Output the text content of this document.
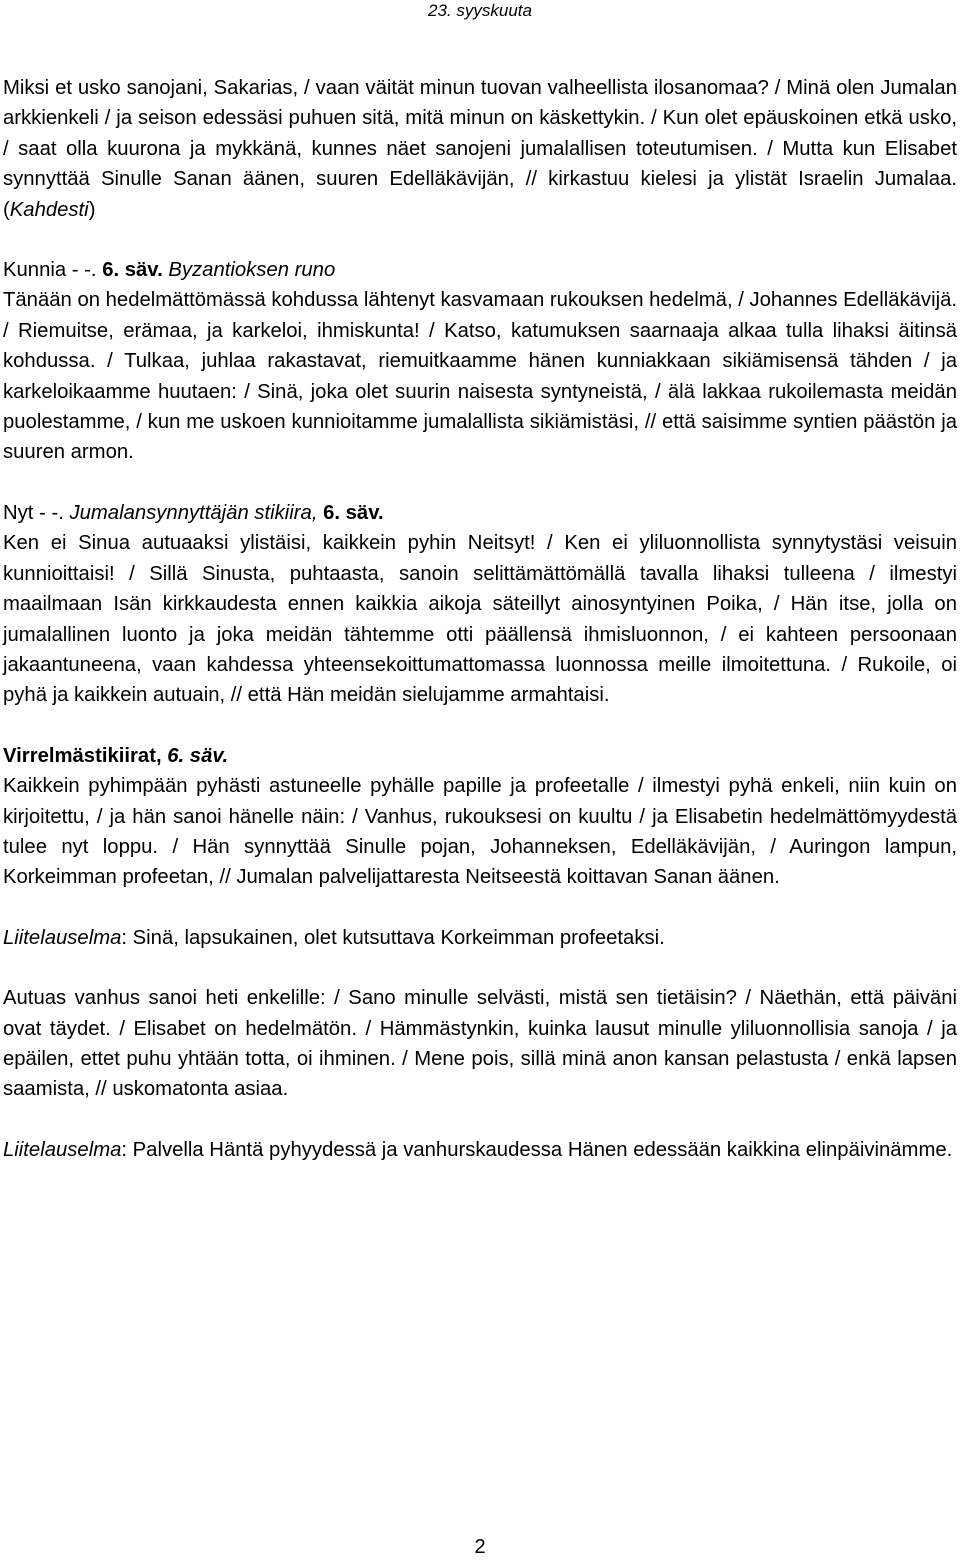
23. syyskuuta

Miksi et usko sanojani, Sakarias, / vaan väität minun tuovan valheellista ilosanomaa? / Minä olen Jumalan arkkienkeli / ja seison edessäsi puhuen sitä, mitä minun on käskettykin. / Kun olet epäuskoinen etkä usko, / saat olla kuurona ja mykkänä, kunnes näet sanojeni jumalallisen toteutumisen. / Mutta kun Elisabet synnyttää Sinulle Sanan äänen, suuren Edelläkävijän, // kirkastuu kielesi ja ylistät Israelin Jumalaa. (Kahdesti)

Kunnia - -. 6. säv. Byzantioksen runo

Tänään on hedelmättömässä kohdussa lähtenyt kasvamaan rukouksen hedelmä, / Johannes Edelläkävijä. / Riemuitse, erämaa, ja karkeloi, ihmiskunta! / Katso, katumuksen saarnaaja alkaa tulla lihaksi äitinsä kohdussa. / Tulkaa, juhlaa rakastavat, riemuitkaamme hänen kunniakkaan sikiämisensä tähden / ja karkeloikaamme huutaen: / Sinä, joka olet suurin naisesta syntyneistä, / älä lakkaa rukoilemasta meidän puolestamme, / kun me uskoen kunnioitamme jumalallista sikiämistäsi, // että saisimme syntien päästön ja suuren armon.

Nyt - -. Jumalansynnyttäjän stikiira, 6. säv.

Ken ei Sinua autuaaksi ylistäisi, kaikkein pyhin Neitsyt! / Ken ei yliluonnollista synnytystäsi veisuin kunnioittaisi! / Sillä Sinusta, puhtaasta, sanoin selittämättömällä tavalla lihaksi tulleena / ilmestyi maailmaan Isän kirkkaudesta ennen kaikkia aikoja säteillyt ainosyntyinen Poika, / Hän itse, jolla on jumalallinen luonto ja joka meidän tähtemme otti päällensä ihmisluonnon, / ei kahteen persoonaan jakaantuneena, vaan kahdessa yhteensekoittumattomassa luonnossa meille ilmoitettuna. / Rukoile, oi pyhä ja kaikkein autuain, // että Hän meidän sielujamme armahtaisi.

Virrelmästikiirat, 6. säv.

Kaikkein pyhimpään pyhästi astuneelle pyhälle papille ja profeetalle / ilmestyi pyhä enkeli, niin kuin on kirjoitettu, / ja hän sanoi hänelle näin: / Vanhus, rukouksesi on kuultu / ja Elisabetin hedelmättömyydestä tulee nyt loppu. / Hän synnyttää Sinulle pojan, Johanneksen, Edelläkävijän, / Auringon lampun, Korkeimman profeetan, // Jumalan palvelijattaresta Neitseestä koittavan Sanan äänen.

Liitelauselma: Sinä, lapsukainen, olet kutsuttava Korkeimman profeetaksi.

Autuas vanhus sanoi heti enkelille: / Sano minulle selvästi, mistä sen tietäisin? / Näethän, että päiväni ovat täydet. / Elisabet on hedelmätön. / Hämmästynkin, kuinka lausut minulle yliluonnollisia sanoja / ja epäilen, ettet puhu yhtään totta, oi ihminen. / Mene pois, sillä minä anon kansan pelastusta / enkä lapsen saamista, // uskomatonta asiaa.

Liitelauselma: Palvella Häntä pyhyydessä ja vanhurskaudessa Hänen edessään kaikkina elinpäivinämme.

2
